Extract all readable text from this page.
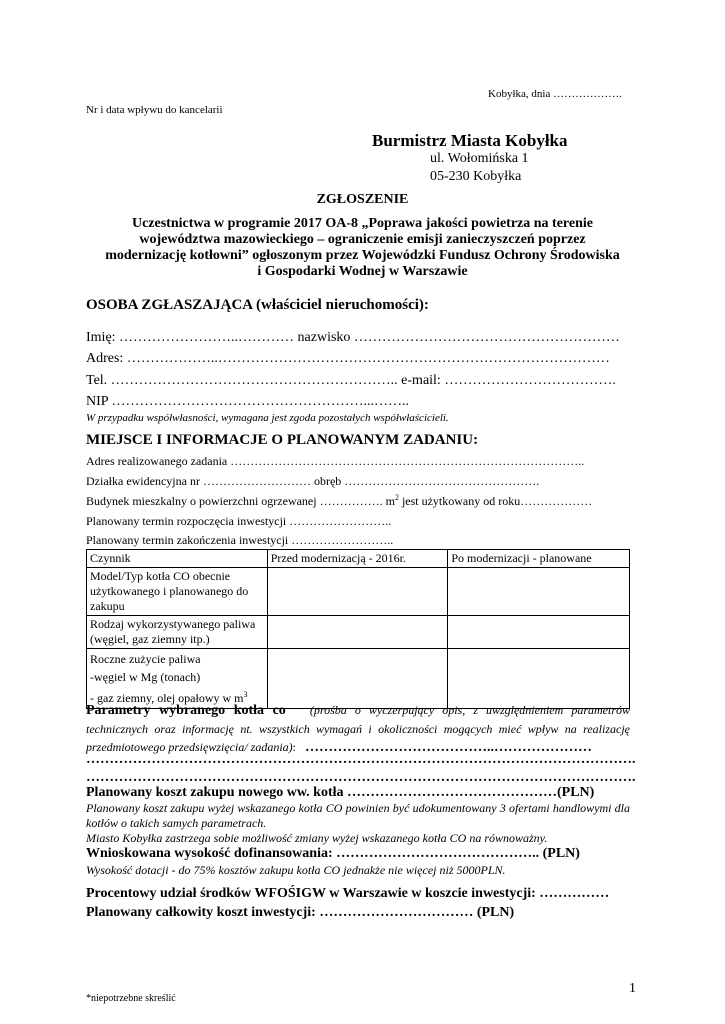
Kobyłka, dnia ……………….
Nr i data wpływu do kancelarii
Burmistrz Miasta Kobyłka
ul. Wołomińska 1
05-230 Kobyłka
ZGŁOSZENIE
Uczestnictwa w programie 2017 OA-8 „Poprawa jakości powietrza na terenie
województwa mazowieckiego – ograniczenie emisji zanieczyszczeń poprzez
modernizację kotłowni” ogłoszonym przez Wojewódzki Fundusz Ochrony Środowiska
i Gospodarki Wodnej w Warszawie
OSOBA ZGŁASZAJĄCA (właściciel nieruchomości):
Imię: ……………………..………… nazwisko …………………………………………………
Adres: ………………..…………………………………………………………………………
Tel. …………………………………………………….. e-mail: ……………………………….
NIP ………………………………………………...……..
W przypadku współwłasności, wymagana jest zgoda pozostałych współwłaścicieli.
MIEJSCE I INFORMACJE O PLANOWANYM ZADANIU:
Adres realizowanego zadania ……………………………………………………………………………..
Działka ewidencyjna nr ……………………… obręb ………………………………………….
Budynek mieszkalny o powierzchni ogrzewanej ……………. $m^2$ jest użytkowany od roku………………
Planowany termin rozpoczęcia inwestycji ……………………..
Planowany termin zakończenia inwestycji ……………………..
Czynnik	Przed modernizacją - 2016r.	Po modernizacji - planowane
Model/Typ kotła CO obecnie użytkowanego i planowanego do zakupu		
Rodzaj wykorzystywanego paliwa (węgiel, gaz ziemny itp.)		

Roczne zużycie paliwa
-węgiel w Mg (tonach)
- gaz ziemny, olej opałowy w $m^3$

Parametry wybranego kotła co (prośba o wyczerpujący opis, z uwzględnieniem parametrów technicznych oraz informację nt. wszystkich wymagań i okoliczności mogących mieć wpływ na realizację przedmiotowego przedsięwzięcia/ zadania): …………………………………..…………………
……………………………………………………………………………………………………….
……………………………………………………………………………………………………….
Planowany koszt zakupu nowego ww. kotła ………………………………………(PLN)
Planowany koszt zakupu wyżej wskazanego kotła CO powinien być udokumentowany 3 ofertami handlowymi dla kotłów o takich samych parametrach.
Miasto Kobyłka zastrzega sobie możliwość zmiany wyżej wskazanego kotła CO na równoważny.
Wnioskowana wysokość dofinansowania: …………………………………….. (PLN)
Wysokość dotacji - do 75% kosztów zakupu kotła CO jednakże nie więcej niż 5000PLN.
Procentowy udział środków WFOŚIGW w Warszawie w koszcie inwestycji: ……………
Planowany całkowity koszt inwestycji: …………………………… (PLN)
1
*niepotrzebne skreślić
